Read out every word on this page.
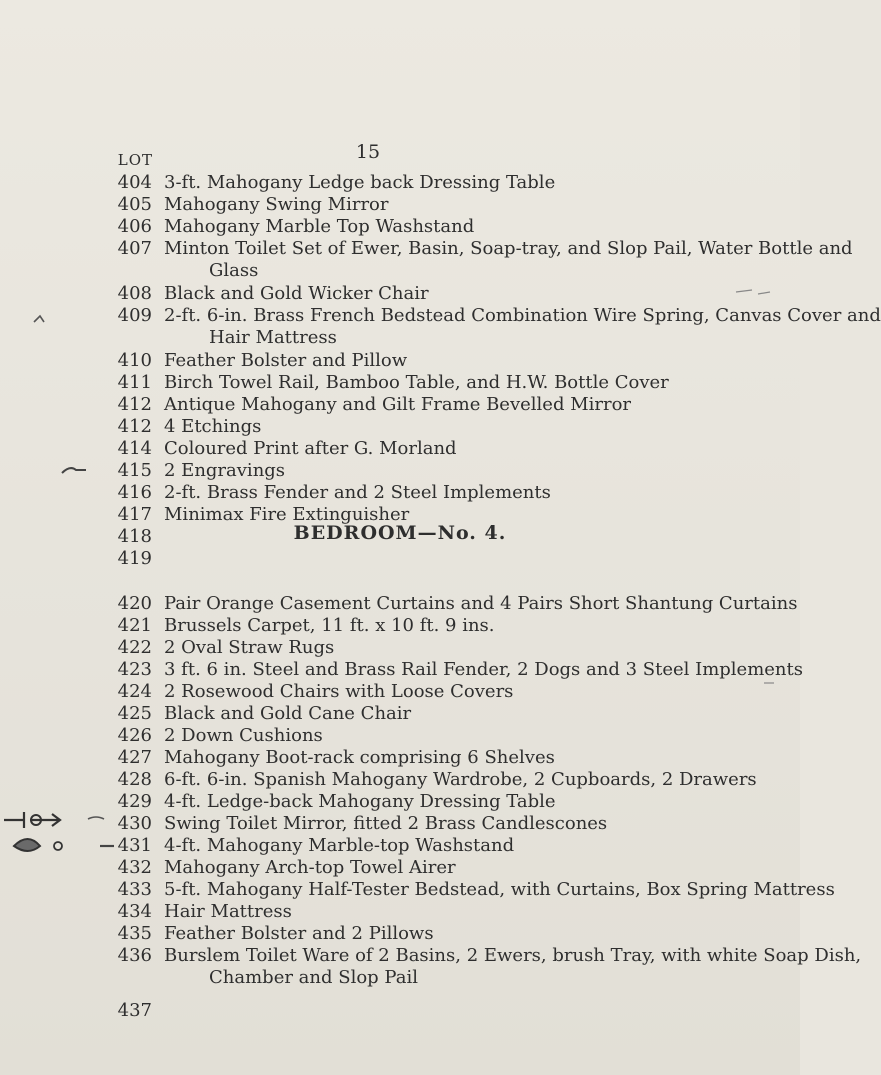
15
LOT
404 3-ft. Mahogany Ledge back Dressing Table
405 Mahogany Swing Mirror
406 Mahogany Marble Top Washstand
407 Minton Toilet Set of Ewer, Basin, Soap-tray, and Slop Pail, Water Bottle and
Glass
408 Black and Gold Wicker Chair
409 2-ft. 6-in. Brass French Bedstead Combination Wire Spring, Canvas Cover and
Hair Mattress
410 Feather Bolster and Pillow
411 Birch Towel Rail, Bamboo Table, and H.W. Bottle Cover
412 Antique Mahogany and Gilt Frame Bevelled Mirror
412 4 Etchings
414 Coloured Print after G. Morland
415 2 Engravings
416 2-ft. Brass Fender and 2 Steel Implements
417 Minimax Fire Extinguisher
418
419
BEDROOM—No. 4.
420 Pair Orange Casement Curtains and 4 Pairs Short Shantung Curtains
421 Brussels Carpet, 11 ft. x 10 ft. 9 ins.
422 2 Oval Straw Rugs
423 3 ft. 6 in. Steel and Brass Rail Fender, 2 Dogs and 3 Steel Implements
424 2 Rosewood Chairs with Loose Covers
425 Black and Gold Cane Chair
426 2 Down Cushions
427 Mahogany Boot-rack comprising 6 Shelves
428 6-ft. 6-in. Spanish Mahogany Wardrobe, 2 Cupboards, 2 Drawers
429 4-ft. Ledge-back Mahogany Dressing Table
430 Swing Toilet Mirror, fitted 2 Brass Candlescones
431 4-ft. Mahogany Marble-top Washstand
432 Mahogany Arch-top Towel Airer
433 5-ft. Mahogany Half-Tester Bedstead, with Curtains, Box Spring Mattress
434 Hair Mattress
435 Feather Bolster and 2 Pillows
436 Burslem Toilet Ware of 2 Basins, 2 Ewers, brush Tray, with white Soap Dish,
Chamber and Slop Pail
437
